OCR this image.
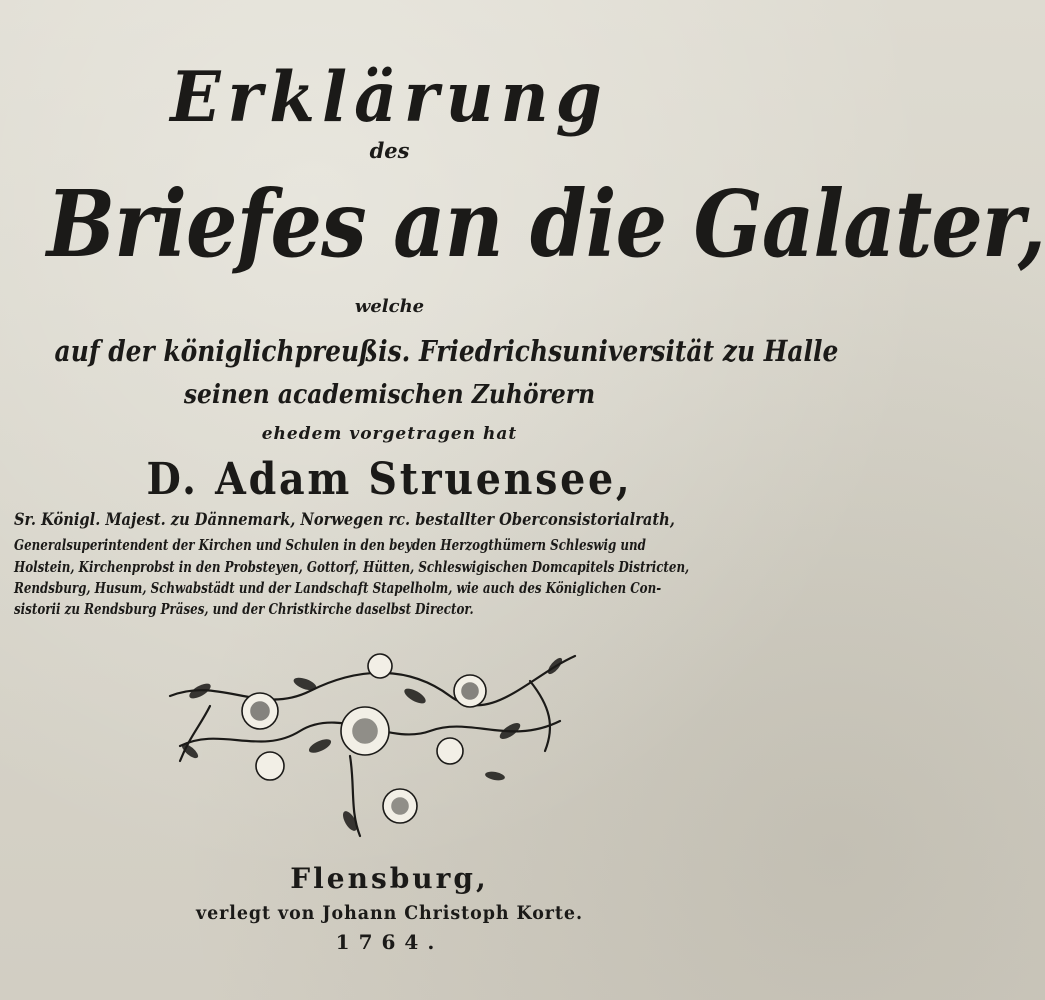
Erklärung
des
Briefes an die Galater,
welche
auf der königlichpreußis. Friedrichsuniversität zu Halle
seinen academischen Zuhörern
ehedem vorgetragen hat
D. Adam Struensee,
Sr. Königl. Majest. zu Dännemark, Norwegen rc. bestallter Oberconsistorialrath,
Generalsuperintendent der Kirchen und Schulen in den beyden Herzogthümern Schleswig und
Holstein, Kirchenprobst in den Probsteyen, Gottorf, Hütten, Schleswigischen Domcapitels Districten,
Rendsburg, Husum, Schwabstädt und der Landschaft Stapelholm, wie auch des Königlichen Con-
sistorii zu Rendsburg Präses, und der Christkirche daselbst Director.
Flensburg,
verlegt von Johann Christoph Korte.
1764.
